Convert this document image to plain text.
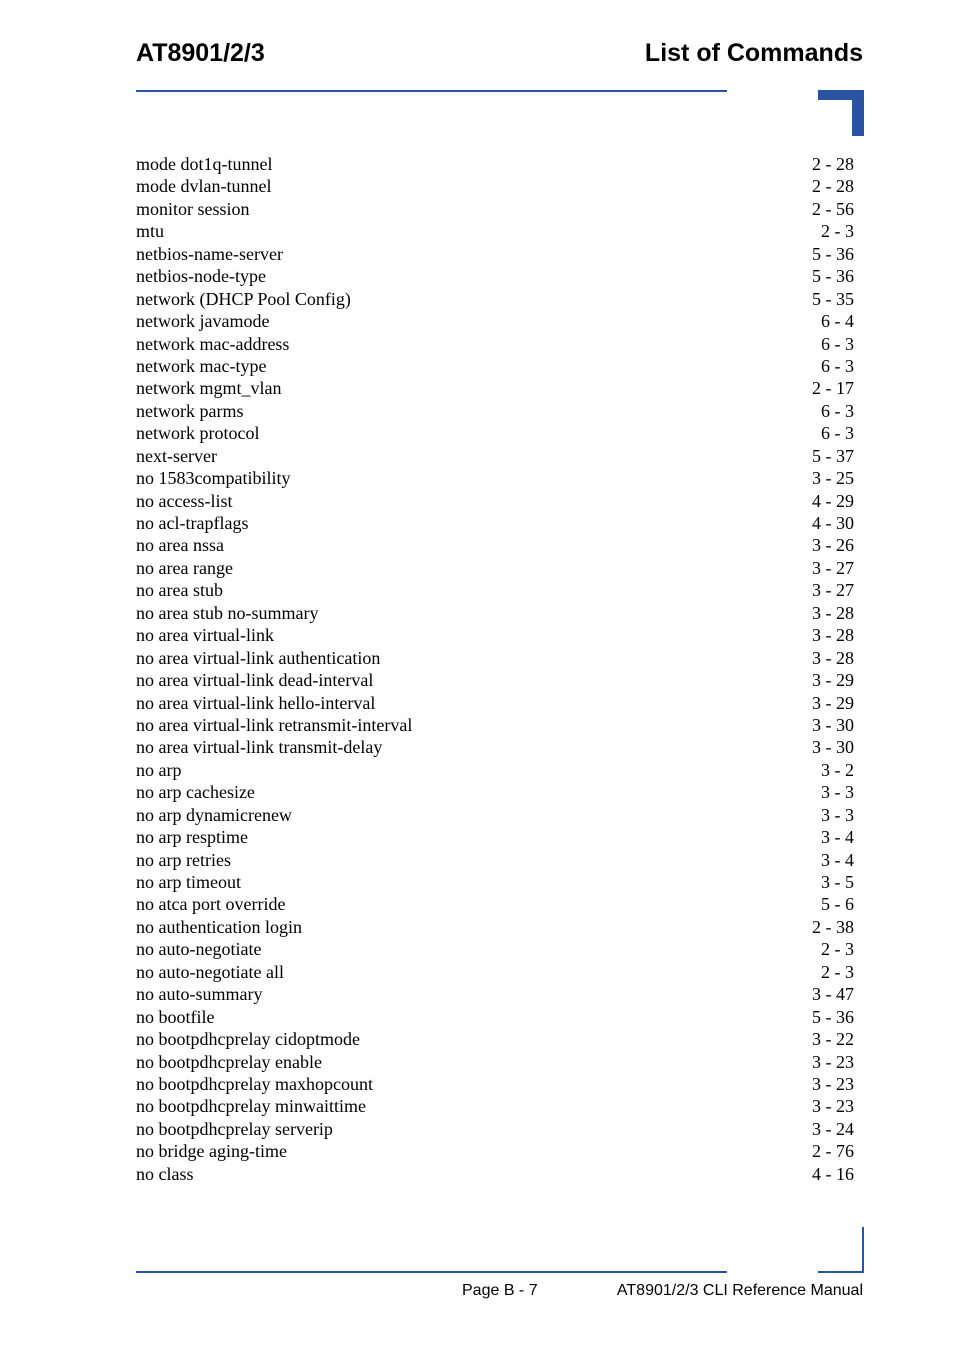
AT8901/2/3	List of Commands
mode dot1q-tunnel	2 - 28
mode dvlan-tunnel	2 - 28
monitor session	2 - 56
mtu	2 - 3
netbios-name-server	5 - 36
netbios-node-type	5 - 36
network (DHCP Pool Config)	5 - 35
network javamode	6 - 4
network mac-address	6 - 3
network mac-type	6 - 3
network mgmt_vlan	2 - 17
network parms	6 - 3
network protocol	6 - 3
next-server	5 - 37
no 1583compatibility	3 - 25
no access-list	4 - 29
no acl-trapflags	4 - 30
no area nssa	3 - 26
no area range	3 - 27
no area stub	3 - 27
no area stub no-summary	3 - 28
no area virtual-link	3 - 28
no area virtual-link authentication	3 - 28
no area virtual-link dead-interval	3 - 29
no area virtual-link hello-interval	3 - 29
no area virtual-link retransmit-interval	3 - 30
no area virtual-link transmit-delay	3 - 30
no arp	3 - 2
no arp cachesize	3 - 3
no arp dynamicrenew	3 - 3
no arp resptime	3 - 4
no arp retries	3 - 4
no arp timeout	3 - 5
no atca port override	5 - 6
no authentication login	2 - 38
no auto-negotiate	2 - 3
no auto-negotiate all	2 - 3
no auto-summary	3 - 47
no bootfile	5 - 36
no bootpdhcprelay cidoptmode	3 - 22
no bootpdhcprelay enable	3 - 23
no bootpdhcprelay maxhopcount	3 - 23
no bootpdhcprelay minwaittime	3 - 23
no bootpdhcprelay serverip	3 - 24
no bridge aging-time	2 - 76
no class	4 - 16
Page B - 7	AT8901/2/3 CLI Reference Manual
